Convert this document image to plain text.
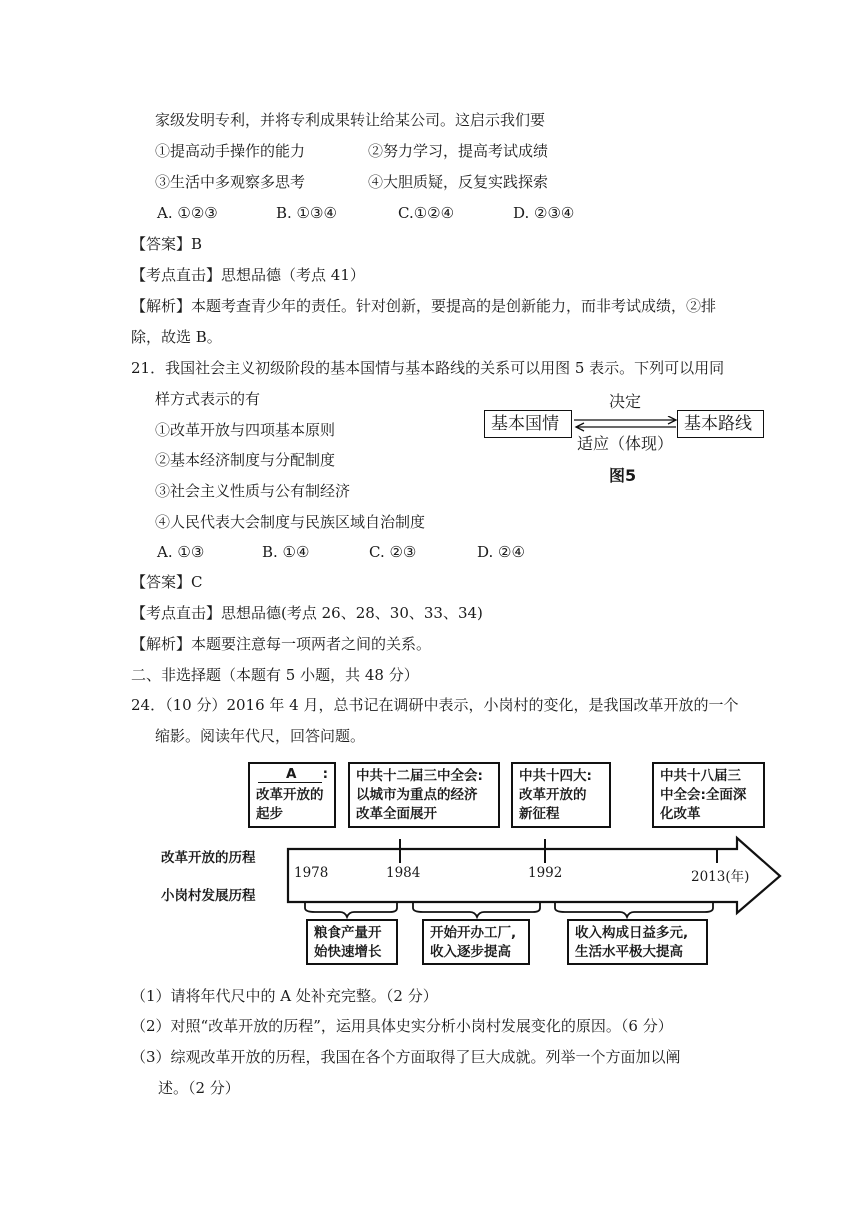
家级发明专利，并将专利成果转让给某公司。这启示我们要
①提高动手操作的能力	②努力学习，提高考试成绩
③生活中多观察多思考	④大胆质疑，反复实践探索
A. ①②③	B. ①③④	C.①②④	D. ②③④
【答案】B
【考点直击】思想品德（考点 41）
【解析】本题考查青少年的责任。针对创新，要提高的是创新能力，而非考试成绩，②排
除，故选 B。
21．我国社会主义初级阶段的基本国情与基本路线的关系可以用图 5 表示。下列可以用同
样方式表示的有
①改革开放与四项基本原则
②基本经济制度与分配制度
③社会主义性质与公有制经济
④人民代表大会制度与民族区域自治制度
A. ①③	B. ①④	C. ②③	D. ②④
【答案】C
【考点直击】思想品德(考点 26、28、30、33、34)
【解析】本题要注意每一项两者之间的关系。
基本国情	基本路线
决定
适应（体现）
图5
二、非选择题（本题有 5 小题，共 48 分）
24．（10 分）2016 年 4 月，总书记在调研中表示，小岗村的变化，是我国改革开放的一个
缩影。阅读年代尺，回答问题。
A :
改革开放的
起步
中共十二届三中全会:
以城市为重点的经济
改革全面展开
中共十四大:
改革开放的
新征程
中共十八届三
中全会:全面深
化改革
改革开放的历程
小岗村发展历程
1978	1984	1992	2013(年)
粮食产量开
始快速增长
开始开办工厂,
收入逐步提高
收入构成日益多元,
生活水平极大提高
（1）请将年代尺中的 A 处补充完整。（2 分）
（2）对照“改革开放的历程”，运用具体史实分析小岗村发展变化的原因。（6 分）
（3）综观改革开放的历程，我国在各个方面取得了巨大成就。列举一个方面加以阐
述。（2 分）
